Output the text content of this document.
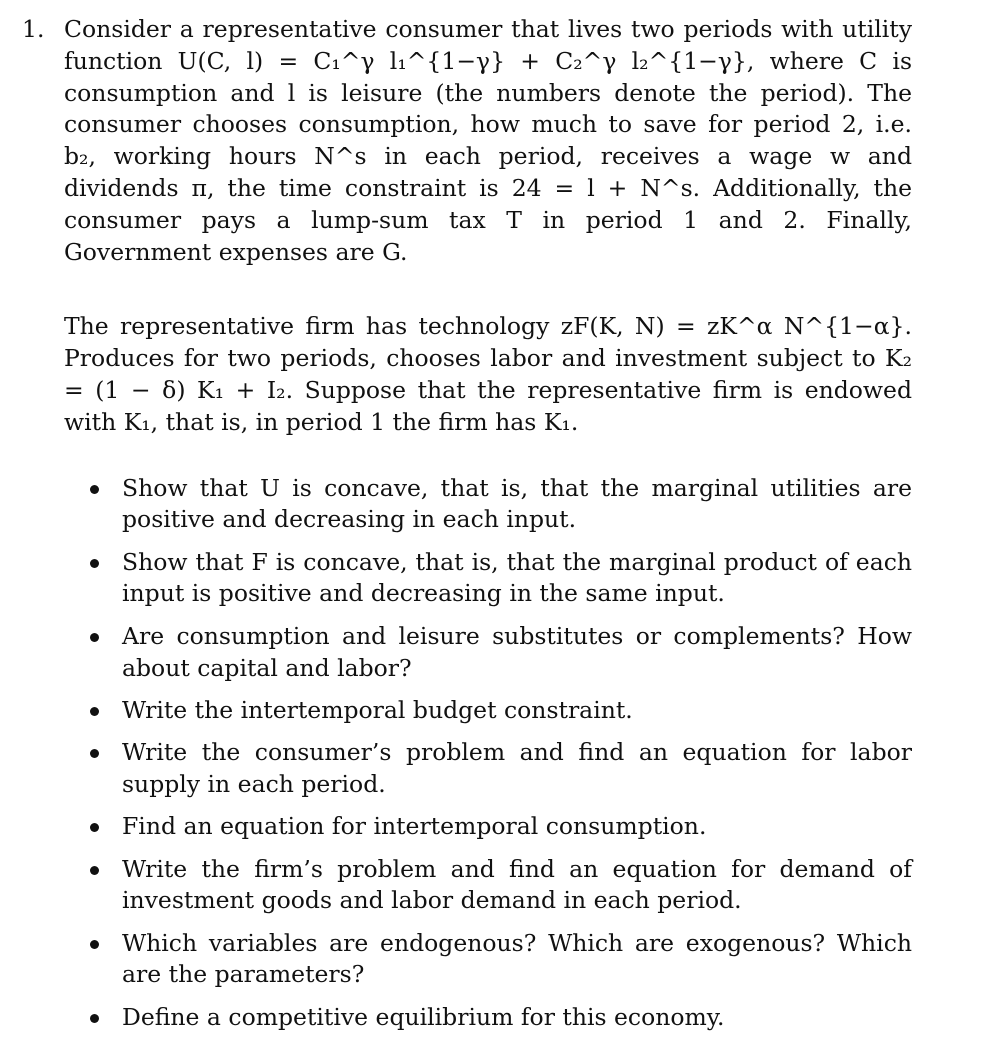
1. Consider a representative consumer that lives two periods with utility function U(C, l) = C₁^γ l₁^{1−γ} + C₂^γ l₂^{1−γ}, where C is consumption and l is leisure (the numbers denote the period). The consumer chooses consumption, how much to save for period 2, i.e. b₂, working hours N^s in each period, receives a wage w and dividends π, the time constraint is 24 = l + N^s. Additionally, the consumer pays a lump-sum tax T in period 1 and 2. Finally, Government expenses are G.

The representative firm has technology zF(K, N) = zK^α N^{1−α}. Produces for two periods, chooses labor and investment subject to K₂ = (1 − δ) K₁ + I₂. Suppose that the representative firm is endowed with K₁, that is, in period 1 the firm has K₁.

Show that U is concave, that is, that the marginal utilities are positive and decreasing in each input.
Show that F is concave, that is, that the marginal product of each input is positive and decreasing in the same input.
Are consumption and leisure substitutes or complements? How about capital and labor?
Write the intertemporal budget constraint.
Write the consumer’s problem and find an equation for labor supply in each period.
Find an equation for intertemporal consumption.
Write the firm’s problem and find an equation for demand of investment goods and labor demand in each period.
Which variables are endogenous? Which are exogenous? Which are the parameters?
Define a competitive equilibrium for this economy.
